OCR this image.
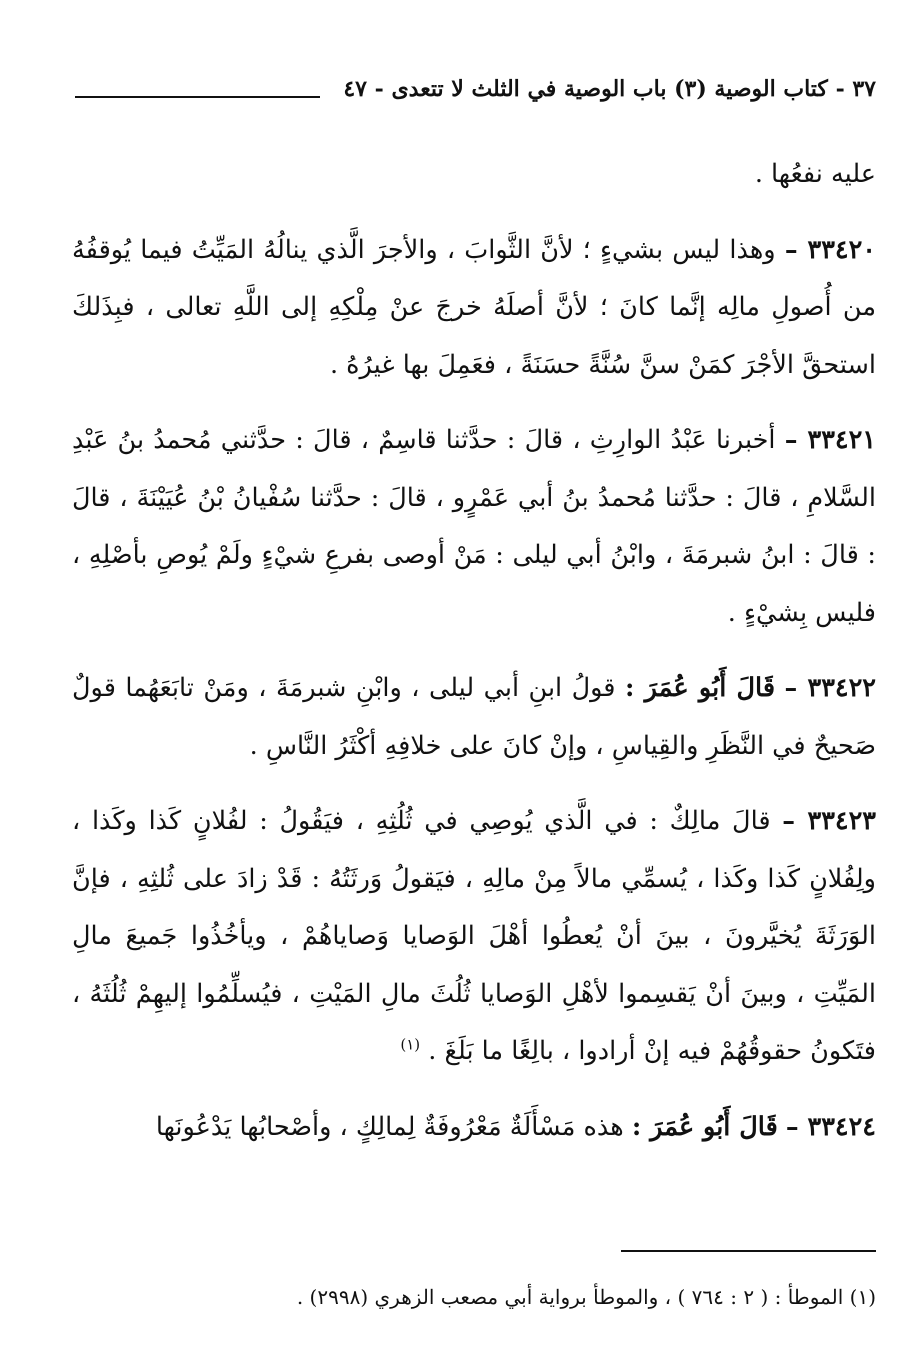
٣٧ - كتاب الوصية (٣) باب الوصية في الثلث لا تتعدى - ٤٧

عليه نفعُها .

٣٣٤٢٠ – وهذا ليس بشيءٍ ؛ لأنَّ الثَّوابَ ، والأجرَ الَّذي ينالُهُ المَيِّتُ فيما يُوقفُهُ من أُصولِ مالِه إنَّما كانَ ؛ لأنَّ أصلَهُ خرجَ عنْ مِلْكِهِ إلى اللَّهِ تعالى ، فبِذَلكَ استحقَّ الأجْرَ كمَنْ سنَّ سُنَّةً حسَنَةً ، فعَمِلَ بها غيرُهُ .

٣٣٤٢١ – أخبرنا عَبْدُ الوارِثِ ، قالَ : حدَّثنا قاسِمٌ ، قالَ : حدَّثني مُحمدُ بنُ عَبْدِ السَّلامِ ، قالَ : حدَّثنا مُحمدُ بنُ أبي عَمْرٍو ، قالَ : حدَّثنا سُفْيانُ بْنُ عُيَيْنَةَ ، قالَ : قالَ : ابنُ شبرمَةَ ، وابْنُ أبي ليلى : مَنْ أوصى بفرعِ شيْءٍ ولَمْ يُوصِ بأصْلِهِ ، فليس بِشيْءٍ .

٣٣٤٢٢ – قَالَ أَبُو عُمَرَ : قولُ ابنِ أبي ليلى ، وابْنِ شبرمَةَ ، ومَنْ تابَعَهُما قولٌ صَحيحٌ في النَّظَرِ والقِياسِ ، وإنْ كانَ على خلافِهِ أكْثَرُ النَّاسِ .

٣٣٤٢٣ – قالَ مالِكٌ : في الَّذي يُوصِي في ثُلُثِهِ ، فيَقُولُ : لفُلانٍ كَذا وكَذا ، ولِفُلانٍ كَذا وكَذا ، يُسمِّي مالاً مِنْ مالِهِ ، فيَقولُ وَرثَتُهُ : قَدْ زادَ على ثُلثِهِ ، فإنَّ الوَرَثَةَ يُخيَّرونَ ، بينَ أنْ يُعطُوا أهْلَ الوَصايا وَصاياهُمْ ، ويأخُذُوا جَميعَ مالِ المَيِّتِ ، وبينَ أنْ يَقسِموا لأهْلِ الوَصايا ثُلُثَ مالِ المَيْتِ ، فيُسلِّمُوا إليهِمْ ثُلُثَهُ ، فتَكونُ حقوقُهُمْ فيه إنْ أرادوا ، بالِغًا ما بَلَغَ . $^{(١)}$

٣٣٤٢٤ – قَالَ أَبُو عُمَرَ : هذه مَسْأَلَةٌ مَعْرُوفَةٌ لِمالِكٍ ، وأصْحابُها يَدْعُونَها

(١) الموطأ : ( ٢ : ٧٦٤ ) ، والموطأ برواية أبي مصعب الزهري (٢٩٩٨) .
